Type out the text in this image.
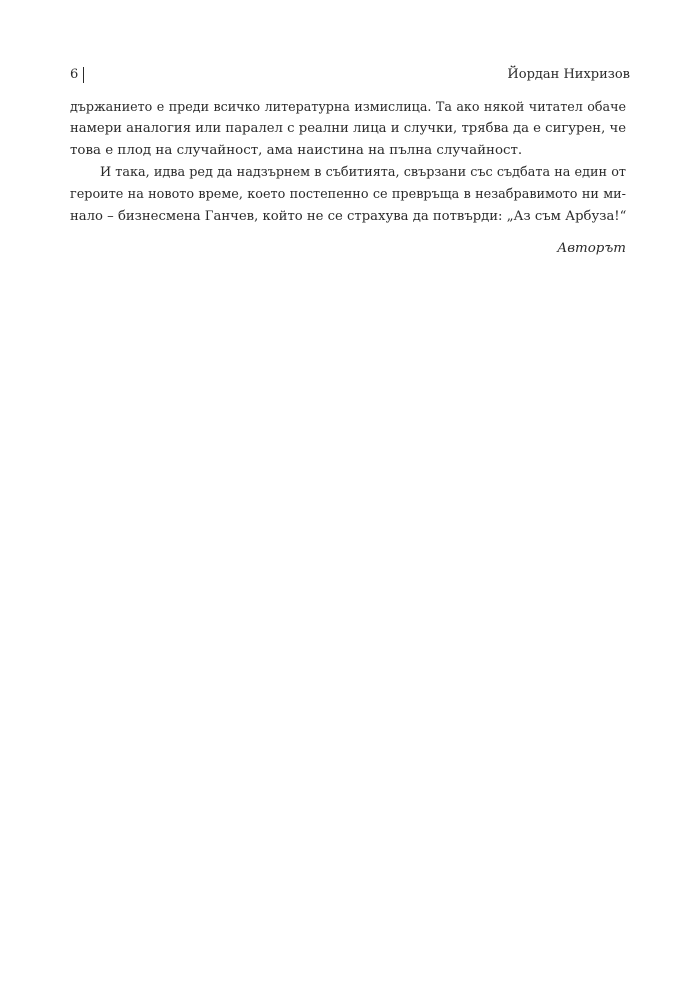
6	Йордан Нихризов
държанието е преди всичко литературна измислица. Та ако някой читател обаче
намери аналогия или паралел с реални лица и случки, трябва да е сигурен, че
това е плод на случайност, ама наистина на пълна случайност.
И така, идва ред да надзърнем в събитията, свързани със съдбата на един от
героите на новото време, което постепенно се превръща в незабравимото ни ми-
нало – бизнесмена Ганчев, който не се страхува да потвърди: „Аз съм Арбуза!“
Авторът
